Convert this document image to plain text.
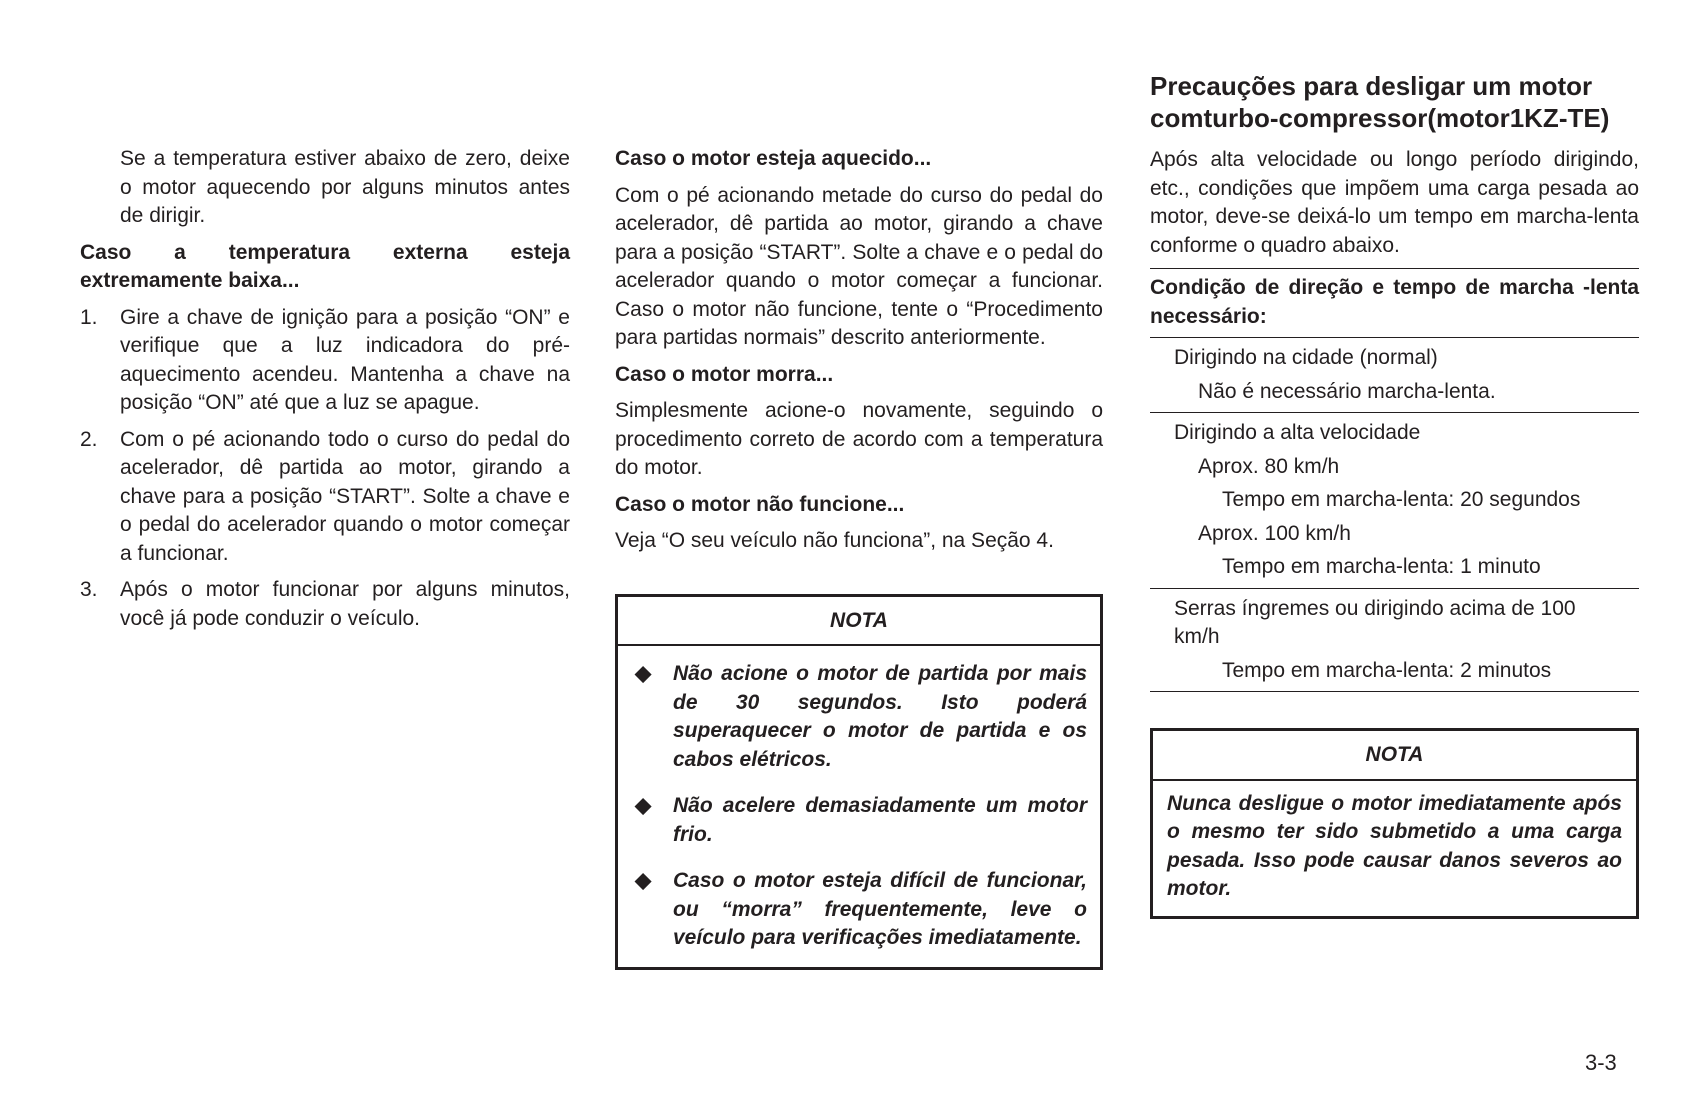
Se a temperatura estiver abaixo de zero, deixe o motor aquecendo por alguns minutos antes de dirigir.

Caso a temperatura externa esteja extremamente baixa...

1.	Gire a chave de ignição para a posição “ON” e verifique que a luz indicadora do pré-aquecimento acendeu. Mantenha a chave na posição “ON” até que a luz se apague.
2.	Com o pé acionando todo o curso do pedal do acelerador, dê partida ao motor, girando a chave para a posição “START”. Solte a chave e o pedal do acelerador quando o motor começar a funcionar.
3.	Após o motor funcionar por alguns minutos, você já pode conduzir o veículo.

Caso o motor esteja aquecido...

Com o pé acionando metade do curso do pedal do acelerador, dê partida ao motor, girando a chave para a posição “START”. Solte a chave e o pedal do acelerador quando o motor começar a funcionar. Caso o motor não funcione, tente o “Procedimento para partidas normais” descrito anteriormente.

Caso o motor morra...

Simplesmente acione-o novamente, seguindo o procedimento correto de acordo com a temperatura do motor.

Caso o motor não funcione...

Veja “O seu veículo não funciona”, na Seção 4.

NOTA
◆	Não acione o motor de partida por mais de 30 segundos. Isto poderá superaquecer o motor de partida e os cabos elétricos.
◆	Não acelere demasiadamente um motor frio.
◆	Caso o motor esteja difícil de funcionar, ou “morra” frequentemente, leve o veículo para verificações imediatamente.
Precauções para desligar um motor comturbo-compressor(motor1KZ-TE)

Após alta velocidade ou longo período dirigindo, etc., condições que impõem uma carga pesada ao motor, deve-se deixá-lo um tempo em marcha-lenta conforme o quadro abaixo.

Condição de direção e tempo de marcha -lenta necessário:
Dirigindo na cidade (normal)
Não é necessário marcha-lenta.
Dirigindo a alta velocidade
Aprox. 80 km/h
Tempo em marcha-lenta: 20 segundos
Aprox. 100 km/h
Tempo em marcha-lenta: 1 minuto
Serras íngremes ou dirigindo acima de 100 km/h
Tempo em marcha-lenta: 2 minutos
NOTA
Nunca desligue o motor imediatamente após o mesmo ter sido submetido a uma carga pesada. Isso pode causar danos severos ao motor.
3-3
